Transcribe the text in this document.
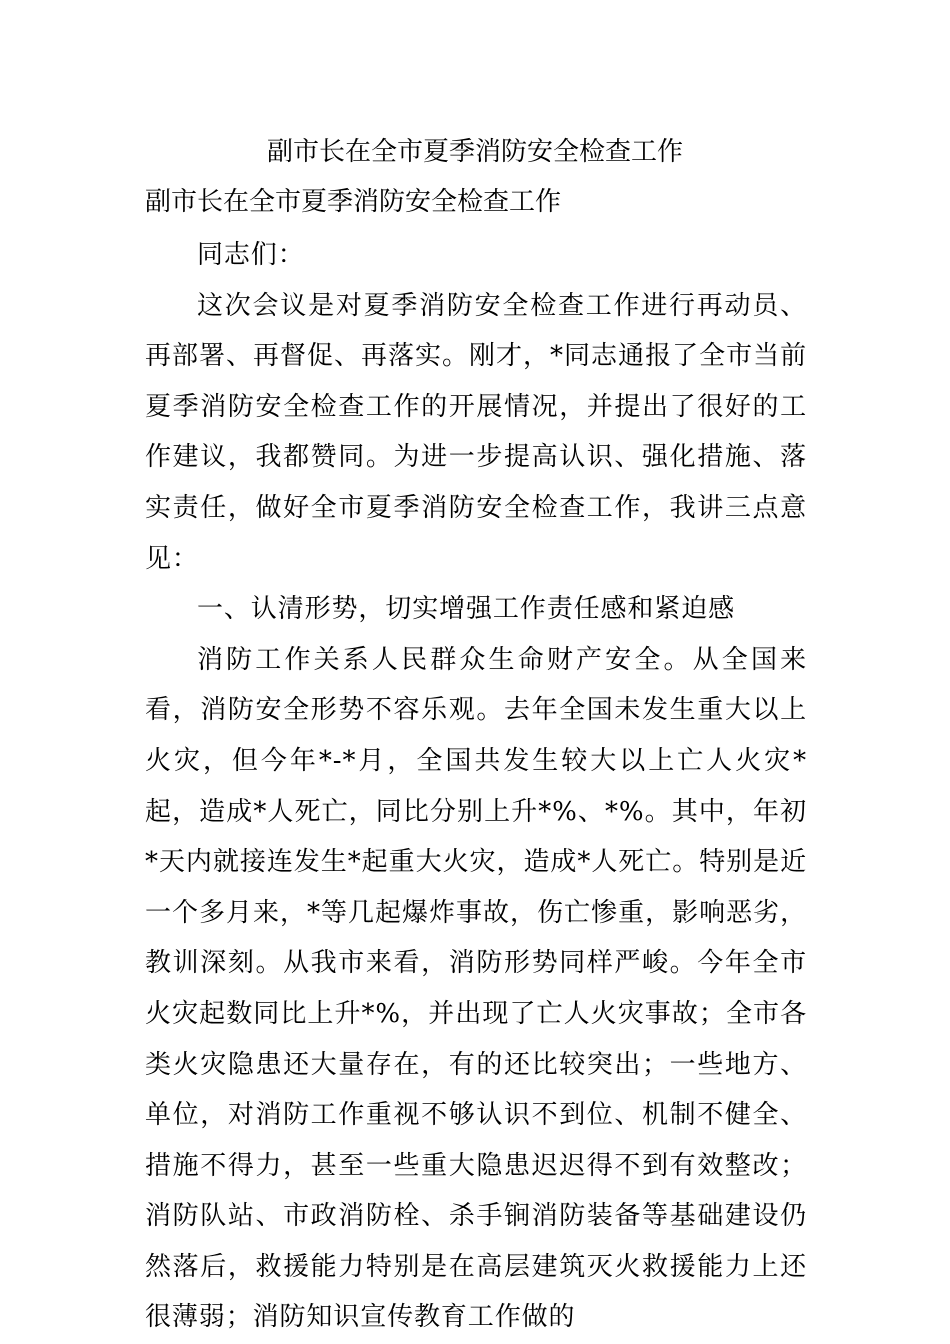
副市长在全市夏季消防安全检查工作
副市长在全市夏季消防安全检查工作

同志们：

这次会议是对夏季消防安全检查工作进行再动员、再部署、再督促、再落实。刚才，*同志通报了全市当前夏季消防安全检查工作的开展情况，并提出了很好的工作建议，我都赞同。为进一步提高认识、强化措施、落实责任，做好全市夏季消防安全检查工作，我讲三点意见：

一、认清形势，切实增强工作责任感和紧迫感

消防工作关系人民群众生命财产安全。从全国来看，消防安全形势不容乐观。去年全国未发生重大以上火灾，但今年*-*月，全国共发生较大以上亡人火灾*起，造成*人死亡，同比分别上升*%、*%。其中，年初*天内就接连发生*起重大火灾，造成*人死亡。特别是近一个多月来，*等几起爆炸事故，伤亡惨重，影响恶劣，教训深刻。从我市来看，消防形势同样严峻。今年全市火灾起数同比上升*%，并出现了亡人火灾事故；全市各类火灾隐患还大量存在，有的还比较突出；一些地方、单位，对消防工作重视不够认识不到位、机制不健全、措施不得力，甚至一些重大隐患迟迟得不到有效整改；消防队站、市政消防栓、杀手锏消防装备等基础建设仍然落后，救援能力特别是在高层建筑灭火救援能力上还很薄弱；消防知识宣传教育工作做的
